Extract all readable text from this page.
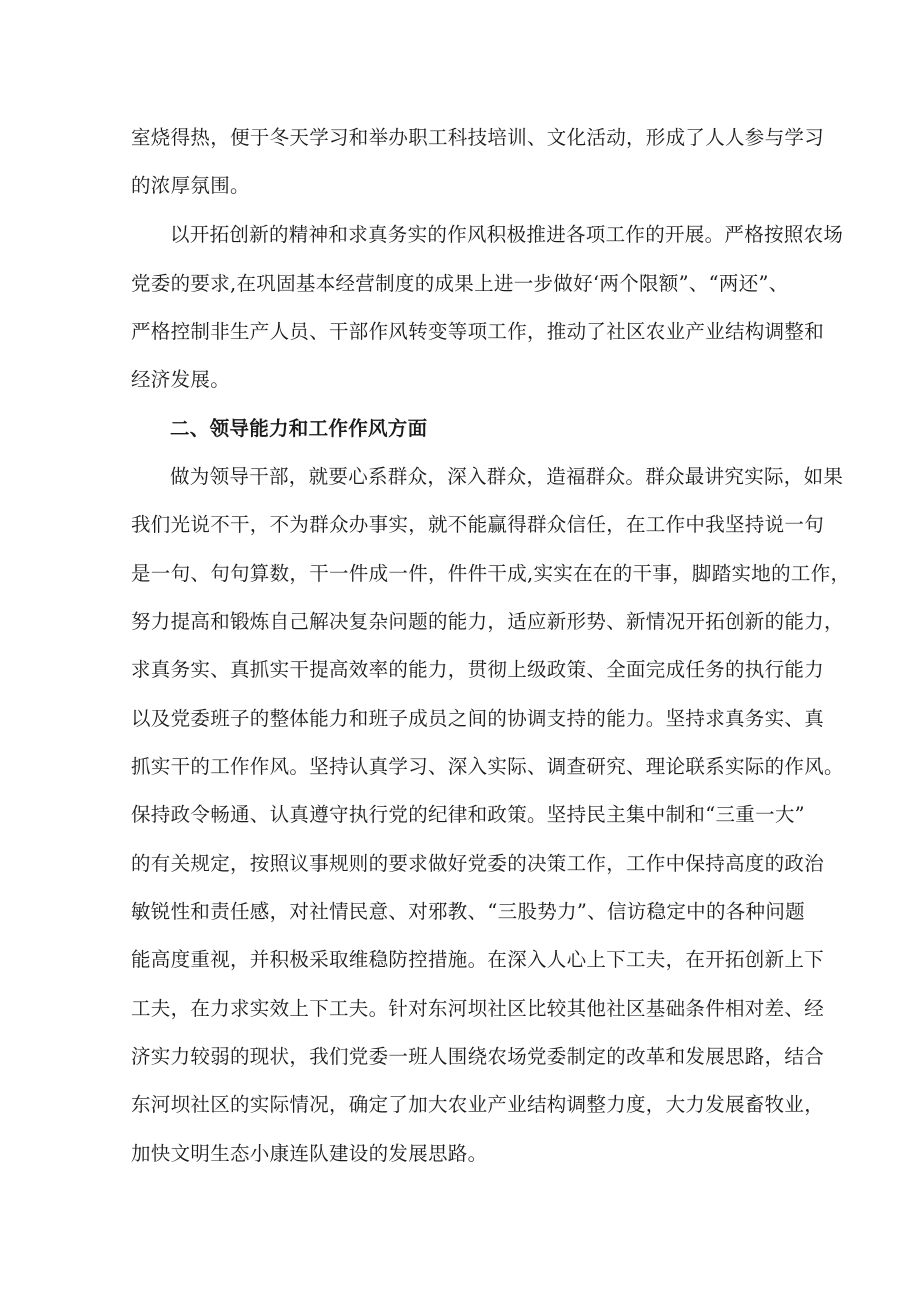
室烧得热，便于冬天学习和举办职工科技培训、文化活动，形成了人人参与学习
的浓厚氛围。
以开拓创新的精神和求真务实的作风积极推进各项工作的开展。严格按照农场
党委的要求,在巩固基本经营制度的成果上进一步做好‘两个限额”、“两还”、
严格控制非生产人员、干部作风转变等项工作，推动了社区农业产业结构调整和
经济发展。
二、领导能力和工作作风方面
做为领导干部，就要心系群众，深入群众，造福群众。群众最讲究实际，如果
我们光说不干，不为群众办事实，就不能赢得群众信任，在工作中我坚持说一句
是一句、句句算数，干一件成一件，件件干成,实实在在的干事，脚踏实地的工作，
努力提高和锻炼自己解决复杂问题的能力，适应新形势、新情况开拓创新的能力，
求真务实、真抓实干提高效率的能力，贯彻上级政策、全面完成任务的执行能力
以及党委班子的整体能力和班子成员之间的协调支持的能力。坚持求真务实、真
抓实干的工作作风。坚持认真学习、深入实际、调查研究、理论联系实际的作风。
保持政令畅通、认真遵守执行党的纪律和政策。坚持民主集中制和“三重一大”
的有关规定，按照议事规则的要求做好党委的决策工作，工作中保持高度的政治
敏锐性和责任感，对社情民意、对邪教、“三股势力”、信访稳定中的各种问题
能高度重视，并积极采取维稳防控措施。在深入人心上下工夫，在开拓创新上下
工夫，在力求实效上下工夫。针对东河坝社区比较其他社区基础条件相对差、经
济实力较弱的现状，我们党委一班人围绕农场党委制定的改革和发展思路，结合
东河坝社区的实际情况，确定了加大农业产业结构调整力度，大力发展畜牧业，
加快文明生态小康连队建设的发展思路。
